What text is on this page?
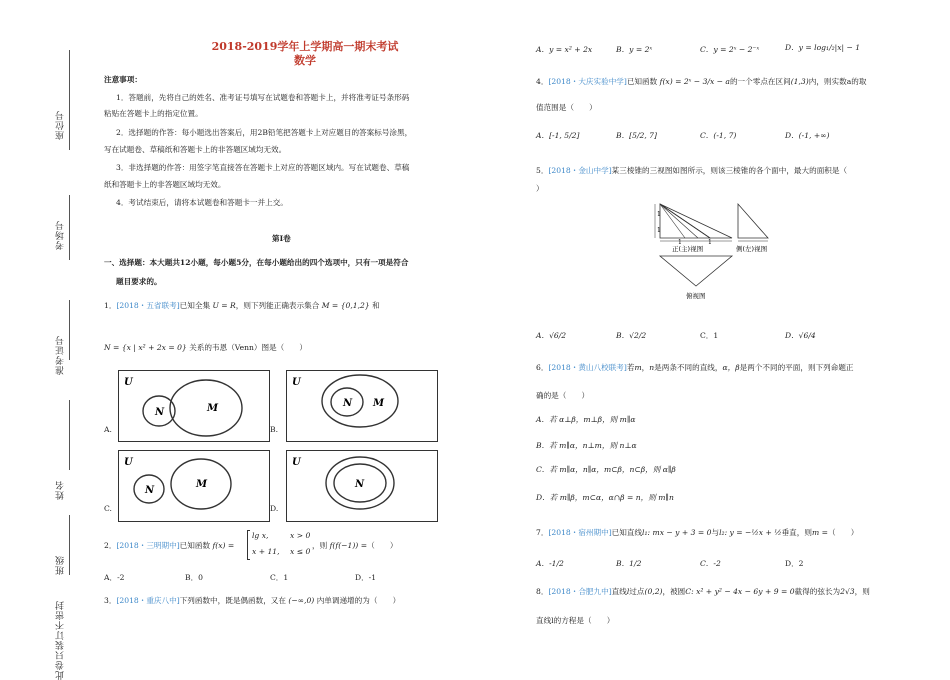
座位号
考场号
准考证号
姓名
班级
此卷只装订不密封
2018-2019学年上学期高一期末考试
数学
注意事项：
1．答题前，先将自己的姓名、准考证号填写在试题卷和答题卡上，并将准考证号条形码
粘贴在答题卡上的指定位置。
2．选择题的作答：每小题选出答案后，用2B铅笔把答题卡上对应题目的答案标号涂黑，
写在试题卷、草稿纸和答题卡上的非答题区域均无效。
3．非选择题的作答：用签字笔直接答在答题卡上对应的答题区域内。写在试题卷、草稿
纸和答题卡上的非答题区域均无效。
4．考试结束后，请将本试题卷和答题卡一并上交。
第Ⅰ卷
一、选择题：本大题共12小题，每小题5分，在每小题给出的四个选项中，只有一项是符合
题目要求的。
1．[2018・五省联考]已知全集 U = R，则下列能正确表示集合 M = {0,1,2} 和
N = {x | x² + 2x = 0} 关系的韦恩（Venn）图是（　　）
U
N	M
A.
U
N M
B.
U
N
M
C.
U
N
D.
2．[2018・三明期中]已知函数 f(x) =
lg x,	x > 0
x + 11, x ≤ 0
，则 f(f(−1)) =（　　）
A．-2	B．0	C．1	D．-1
3．[2018・重庆八中]下列函数中，既是偶函数，又在 (−∞,0) 内单调递增的为（　　）
A．y = x² + 2x	B．y = 2ˣ	C．y = 2ˣ − 2⁻ˣ	D．y = log₁/₂|x| − 1
4．[2018・大庆实验中学]已知函数 f(x) = 2ˣ − 3/x − a的一个零点在区间(1,3)内，则实数a的取
值范围是（　　）
A．[-1, 5/2]	B．[5/2, 7]	C．(-1, 7)	D．(-1, +∞)
5．[2018・金山中学]某三棱锥的三视图如图所示，则该三棱锥的各个面中，最大的面积是（
）
1
1
1	1
正(主)视图	侧(左)视图
俯视图
A．√6/2	B．√2/2	C．1	D．√6/4
6．[2018・黄山八校联考]若m，n是两条不同的直线，α，β是两个不同的平面，则下列命题正
确的是（　　）
A．若 α⊥β，m⊥β，则 m∥α
B．若 m∥α，n⊥m，则 n⊥α
C．若 m∥α，n∥α，m⊂β，n⊂β，则 α∥β
D．若 m∥β，m⊂α，α∩β = n，则 m∥n
7．[2018・宿州期中]已知直线l₁: mx − y + 3 = 0与l₂: y = −½x + ½垂直，则m =（　　）
A．-1/2	B．1/2	C．-2	D．2
8．[2018・合肥九中]直线l过点(0,2)，被圆C: x² + y² − 4x − 6y + 9 = 0截得的弦长为2√3，则
直线l的方程是（　　）
